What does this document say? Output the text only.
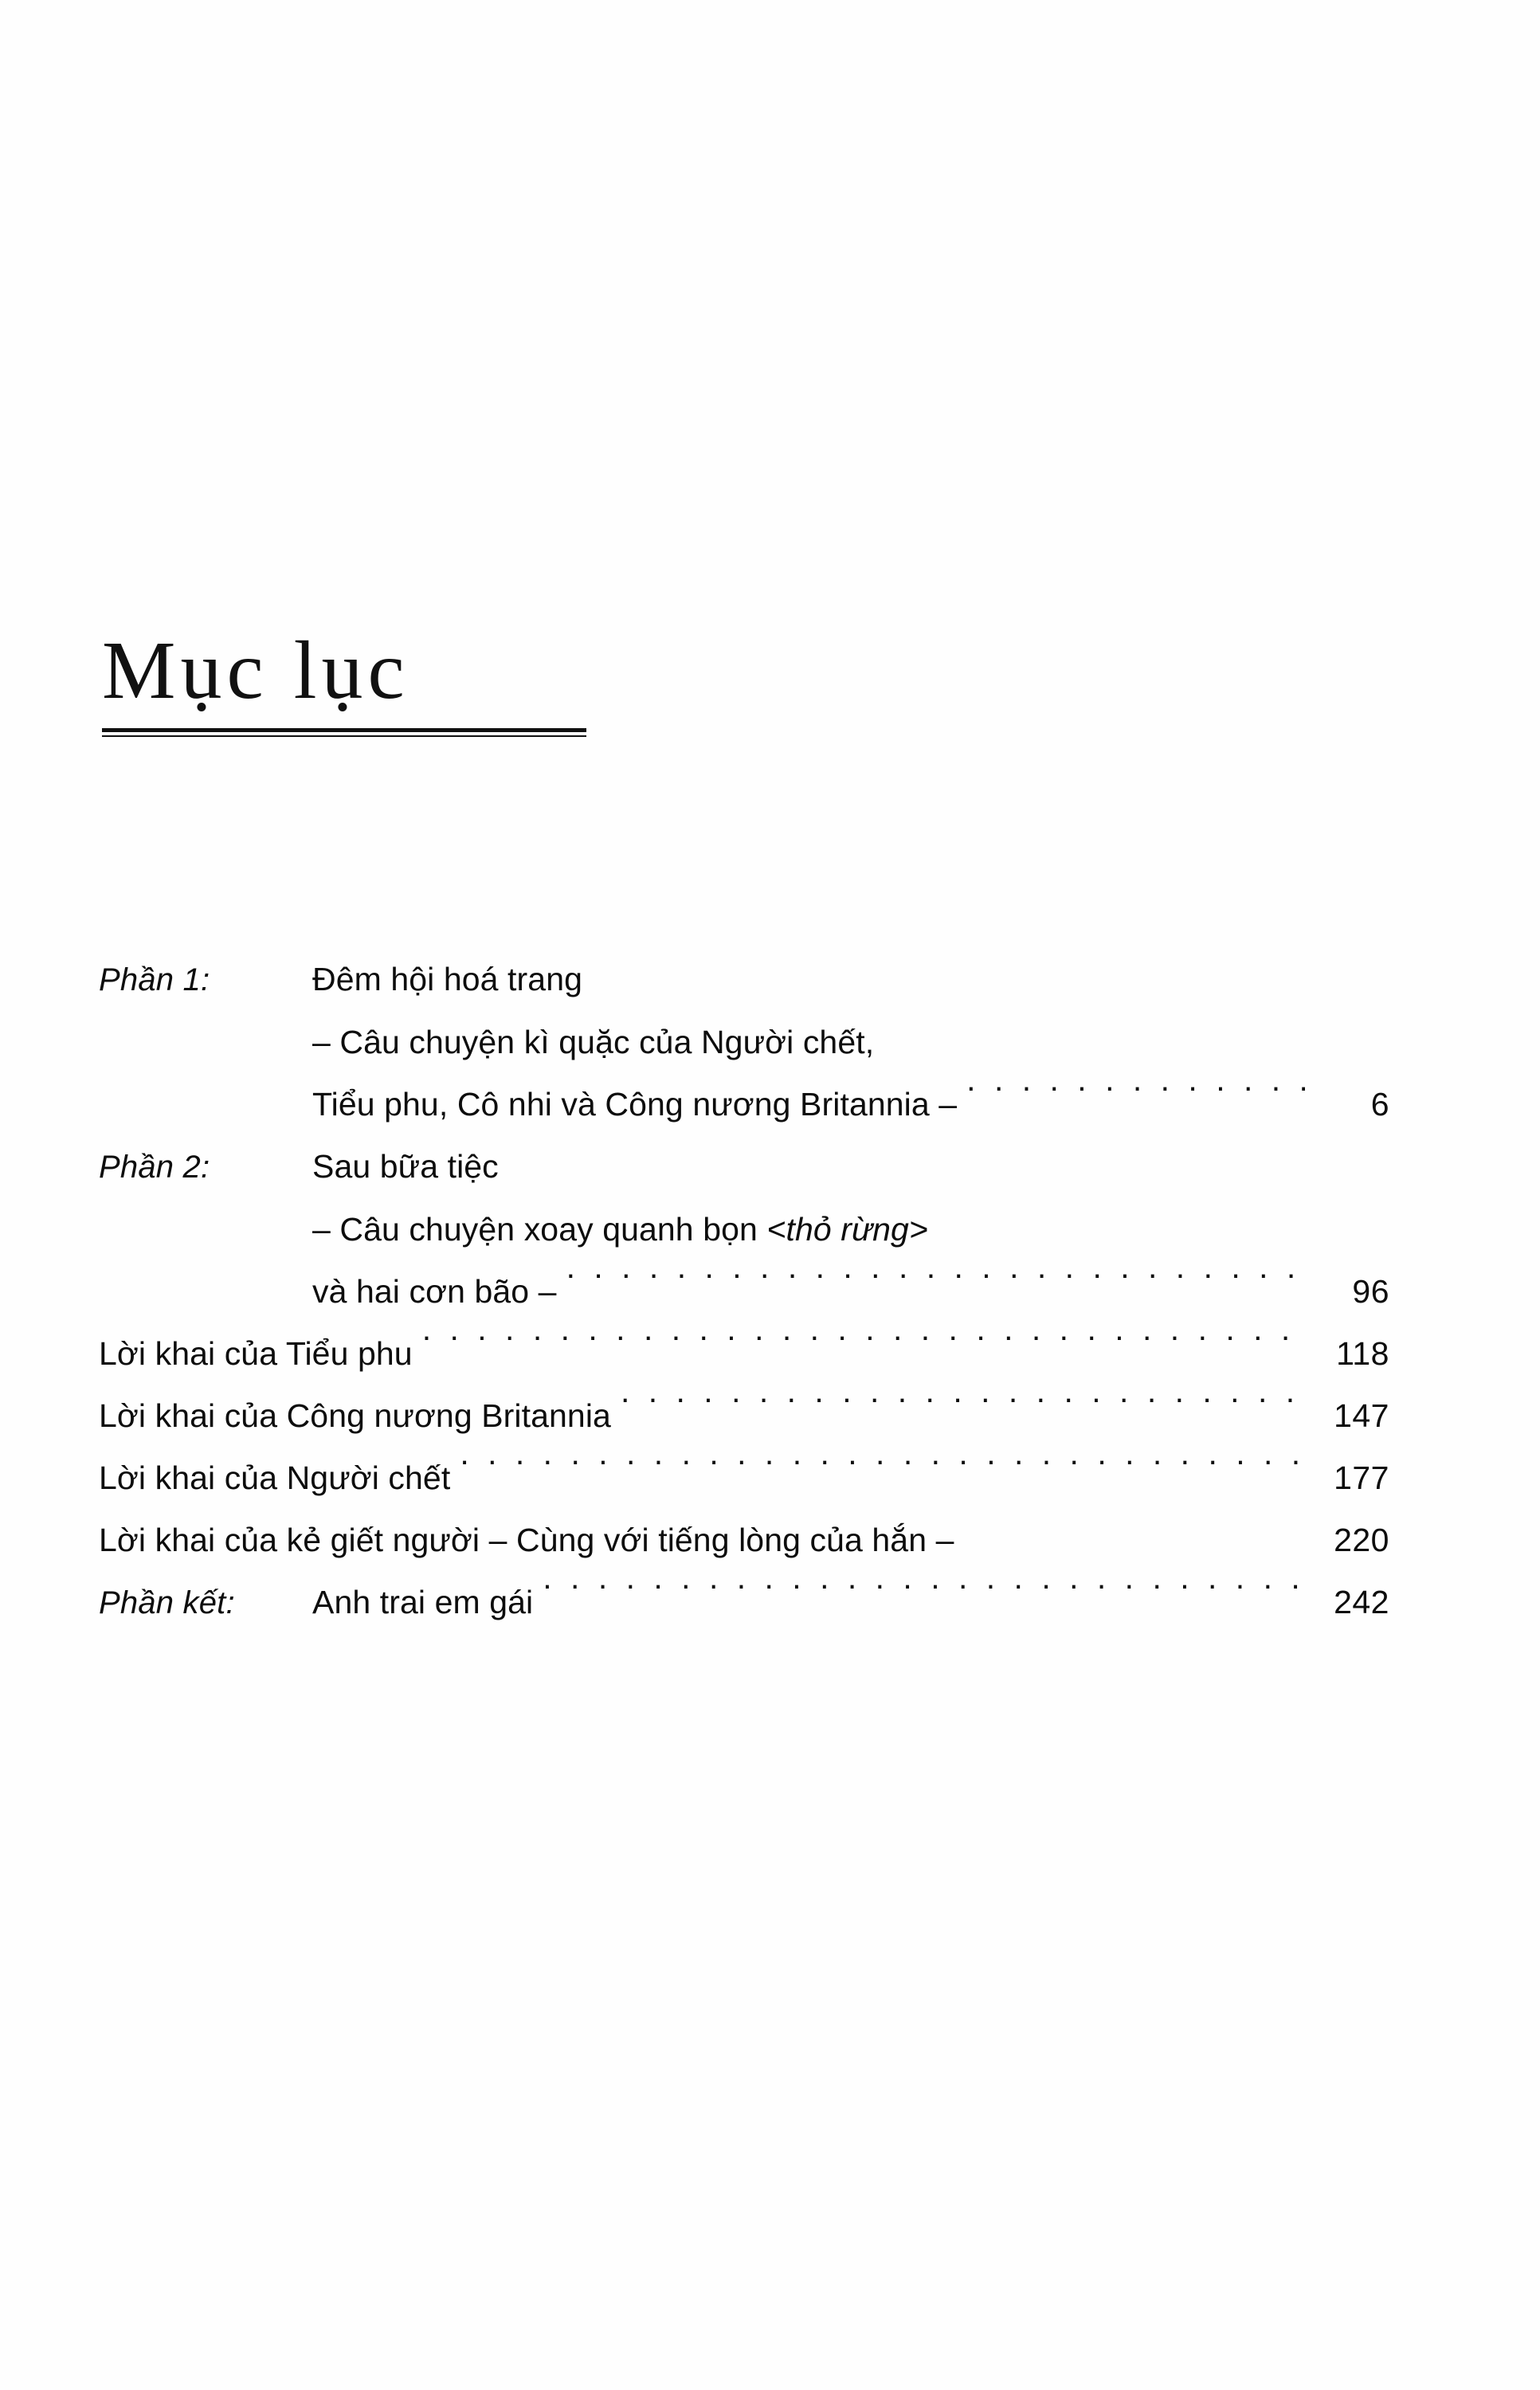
Mục lục
Phần 1:	Đêm hội hoá trang
– Câu chuyện kì quặc của Người chết,
Tiểu phu, Cô nhi và Công nương Britannia – . . .	6
Phần 2:	Sau bữa tiệc
– Câu chuyện xoay quanh bọn <thỏ rừng>
và hai cơn bão – . . .	96
Lời khai của Tiểu phu . . .	118
Lời khai của Công nương Britannia . . .	147
Lời khai của Người chết . . .	177
Lời khai của kẻ giết người – Cùng với tiếng lòng của hắn –	220
Phần kết:	Anh trai em gái . . .	242
